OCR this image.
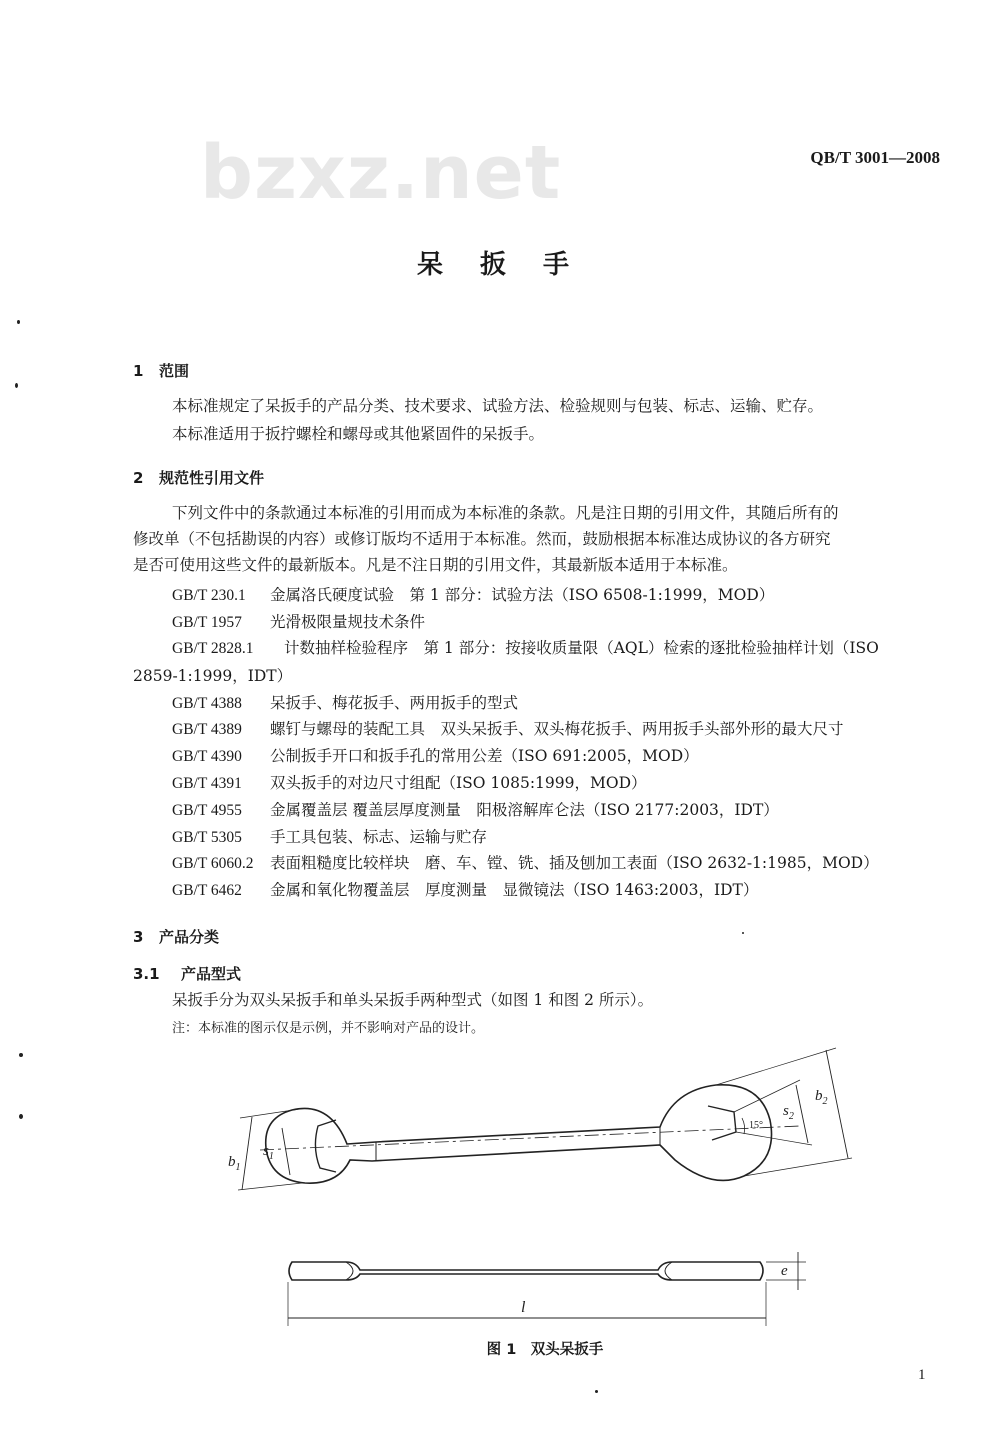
bzxz.net	QB/T 3001—2008
呆 扳 手
1 范围
本标准规定了呆扳手的产品分类、技术要求、试验方法、检验规则与包装、标志、运输、贮存。
本标准适用于扳拧螺栓和螺母或其他紧固件的呆扳手。
2 规范性引用文件
下列文件中的条款通过本标准的引用而成为本标准的条款。凡是注日期的引用文件，其随后所有的
修改单（不包括勘误的内容）或修订版均不适用于本标准。然而，鼓励根据本标准达成协议的各方研究
是否可使用这些文件的最新版本。凡是不注日期的引用文件，其最新版本适用于本标准。
GB/T 230.1 金属洛氏硬度试验　第 1 部分：试验方法（ISO 6508-1:1999，MOD）
GB/T 1957 光滑极限量规技术条件
GB/T 2828.1 计数抽样检验程序　第 1 部分：按接收质量限（AQL）检索的逐批检验抽样计划（ISO
2859-1:1999，IDT）
GB/T 4388 呆扳手、梅花扳手、两用扳手的型式
GB/T 4389 螺钉与螺母的装配工具　双头呆扳手、双头梅花扳手、两用扳手头部外形的最大尺寸
GB/T 4390 公制扳手开口和扳手孔的常用公差（ISO 691:2005，MOD）
GB/T 4391 双头扳手的对边尺寸组配（ISO 1085:1999，MOD）
GB/T 4955 金属覆盖层 覆盖层厚度测量　阳极溶解库仑法（ISO 2177:2003，IDT）
GB/T 5305 手工具包装、标志、运输与贮存
GB/T 6060.2 表面粗糙度比较样块　磨、车、镗、铣、插及刨加工表面（ISO 2632-1:1985，MOD）
GB/T 6462 金属和氧化物覆盖层　厚度测量　显微镜法（ISO 1463:2003，IDT）
3 产品分类
3.1 产品型式
呆扳手分为双头呆扳手和单头呆扳手两种型式（如图 1 和图 2 所示）。
注：本标准的图示仅是示例，并不影响对产品的设计。
$b_1$
$s_1$
$s_2$
$b_2$
15°
e
l
图 1　双头呆扳手
1
